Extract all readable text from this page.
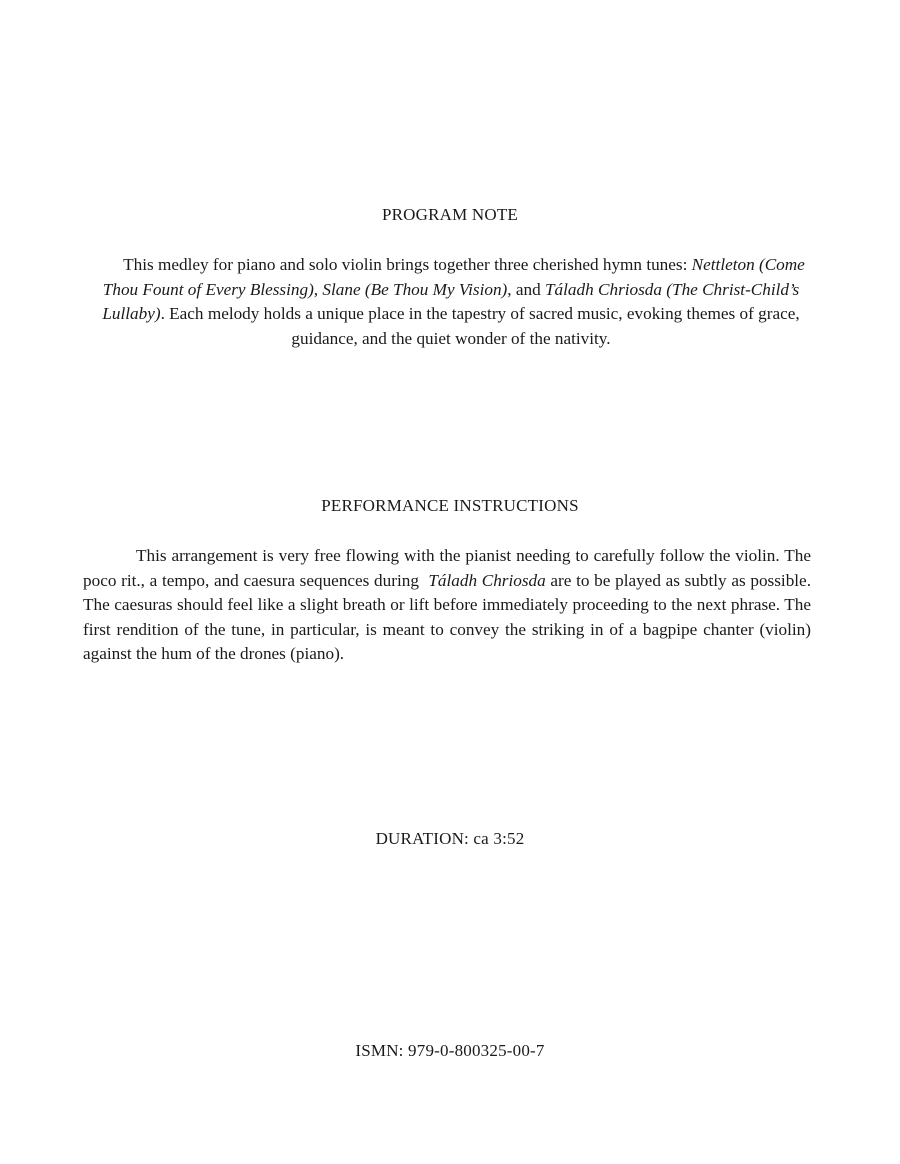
PROGRAM NOTE

This medley for piano and solo violin brings together three cherished hymn tunes: Nettleton (Come Thou Fount of Every Blessing), Slane (Be Thou My Vision), and Táladh Chriosda (The Christ-Child’s Lullaby). Each melody holds a unique place in the tapestry of sacred music, evoking themes of grace, guidance, and the quiet wonder of the nativity.

PERFORMANCE INSTRUCTIONS

This arrangement is very free flowing with the pianist needing to carefully follow the violin. The  poco rit., a tempo, and caesura sequences during  Táladh Chriosda are to be played as subtly as possible. The caesuras should feel like a slight breath or lift before immediately proceeding to the next phrase. The first rendition of the tune, in particular, is meant to convey the striking in of a bagpipe chanter (violin) against the hum of the drones (piano).

DURATION: ca 3:52
ISMN: 979-0-800325-00-7
